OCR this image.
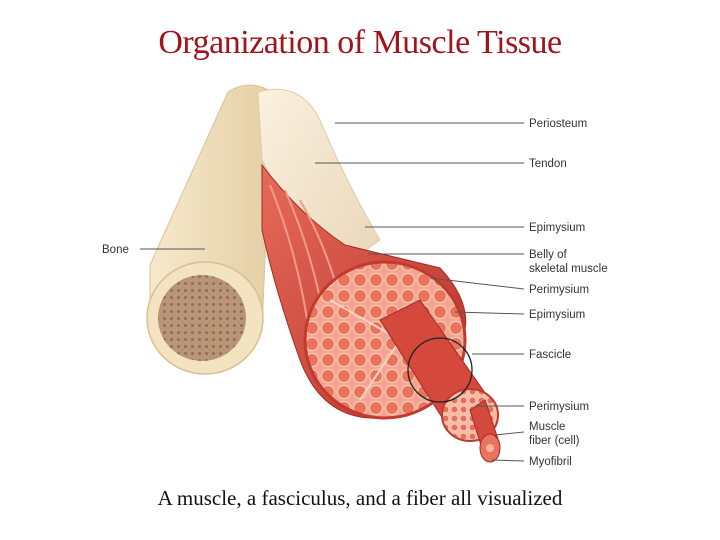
Organization of Muscle Tissue
Bone
Periosteum
Tendon
Epimysium
Belly of
skeletal muscle
Perimysium
Epimysium
Fascicle
Perimysium
Muscle
fiber (cell)
Myofibril
A muscle, a fasciculus, and a fiber all visualized
